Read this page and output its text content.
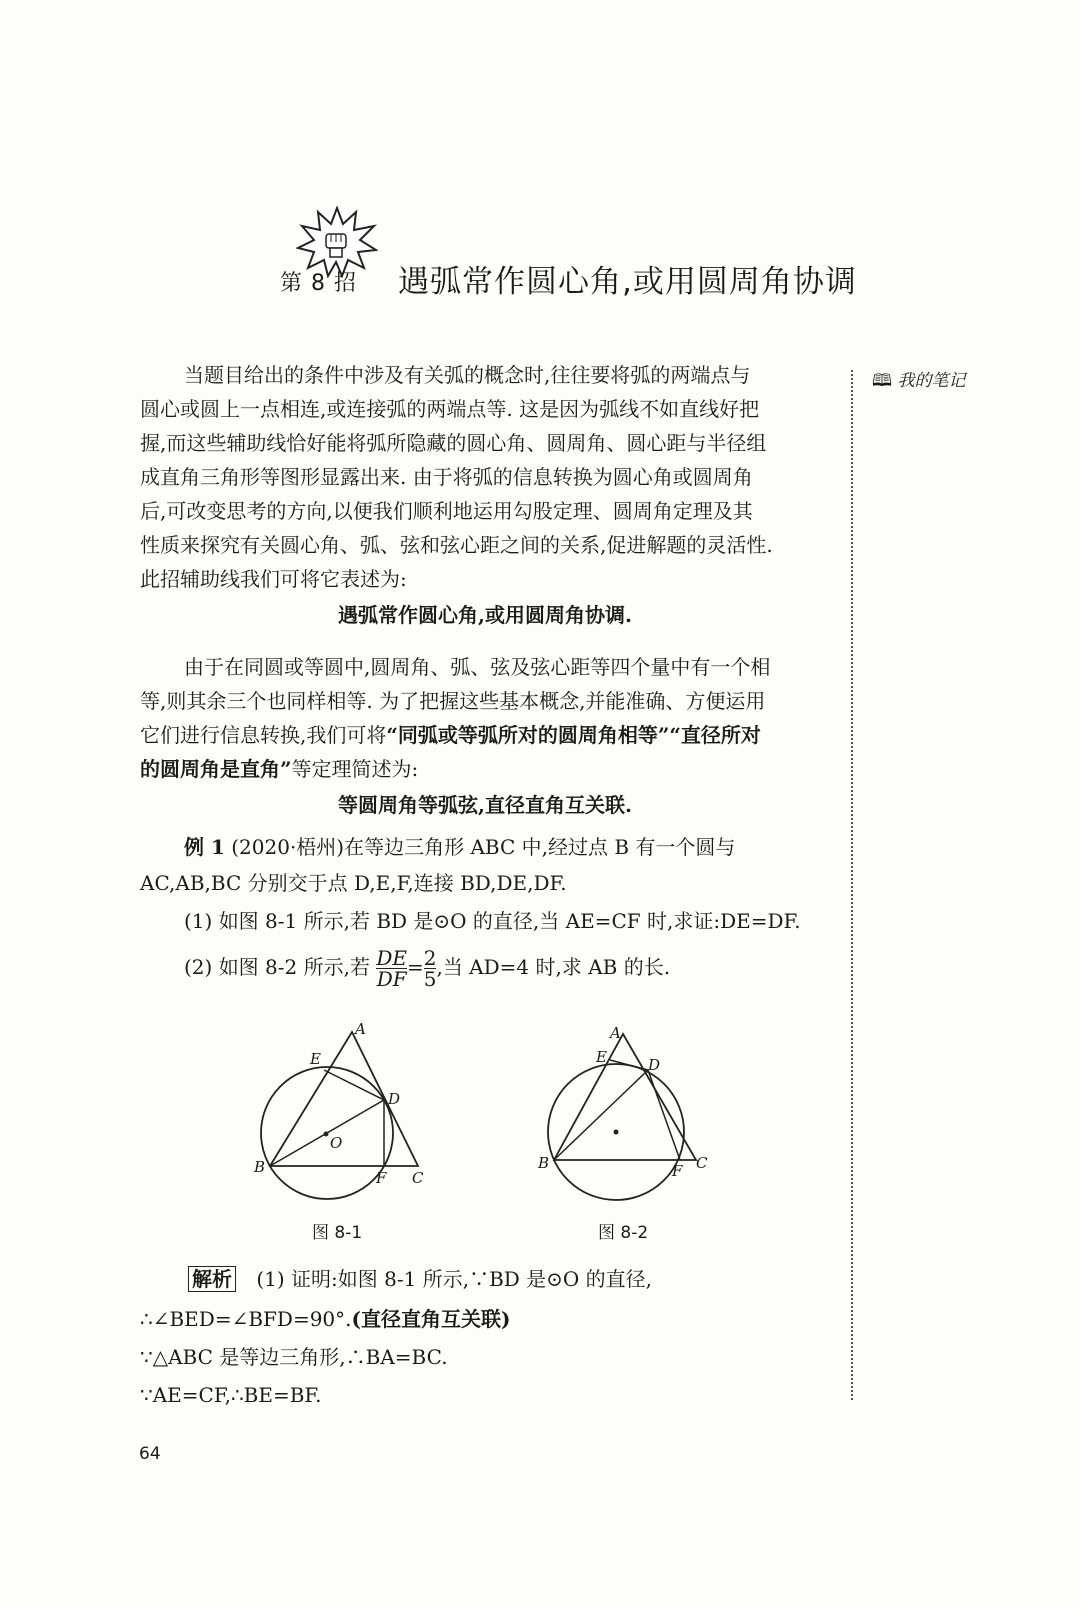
第 8 招 遇弧常作圆心角,或用圆周角协调
🕮 我的笔记
当题目给出的条件中涉及有关弧的概念时,往往要将弧的两端点与
圆心或圆上一点相连,或连接弧的两端点等. 这是因为弧线不如直线好把
握,而这些辅助线恰好能将弧所隐藏的圆心角、圆周角、圆心距与半径组
成直角三角形等图形显露出来. 由于将弧的信息转换为圆心角或圆周角
后,可改变思考的方向,以便我们顺利地运用勾股定理、圆周角定理及其
性质来探究有关圆心角、弧、弦和弦心距之间的关系,促进解题的灵活性.
此招辅助线我们可将它表述为:
遇弧常作圆心角,或用圆周角协调.
由于在同圆或等圆中,圆周角、弧、弦及弦心距等四个量中有一个相
等,则其余三个也同样相等. 为了把握这些基本概念,并能准确、方便运用
它们进行信息转换,我们可将“同弧或等弧所对的圆周角相等”“直径所对
的圆周角是直角”等定理简述为:
等圆周角等弧弦,直径直角互关联.
例 1 (2020·梧州)在等边三角形 ABC 中,经过点 B 有一个圆与
AC,AB,BC 分别交于点 D,E,F,连接 BD,DE,DF.
(1) 如图 8-1 所示,若 BD 是⊙O 的直径,当 AE=CF 时,求证:DE=DF.
(2) 如图 8-2 所示,若 $\frac{DE}{DF} = \frac{2}{5}$ ,当 AD=4 时,求 AB 的长.
A
E
D
O
B
F C
图 8-1
A
E	D
B	F C
图 8-2
解析 (1) 证明:如图 8-1 所示,∵BD 是⊙O 的直径,
∴∠BED=∠BFD=90°.(直径直角互关联)
∵△ABC 是等边三角形,∴BA=BC.
∵AE=CF,∴BE=BF.
64
